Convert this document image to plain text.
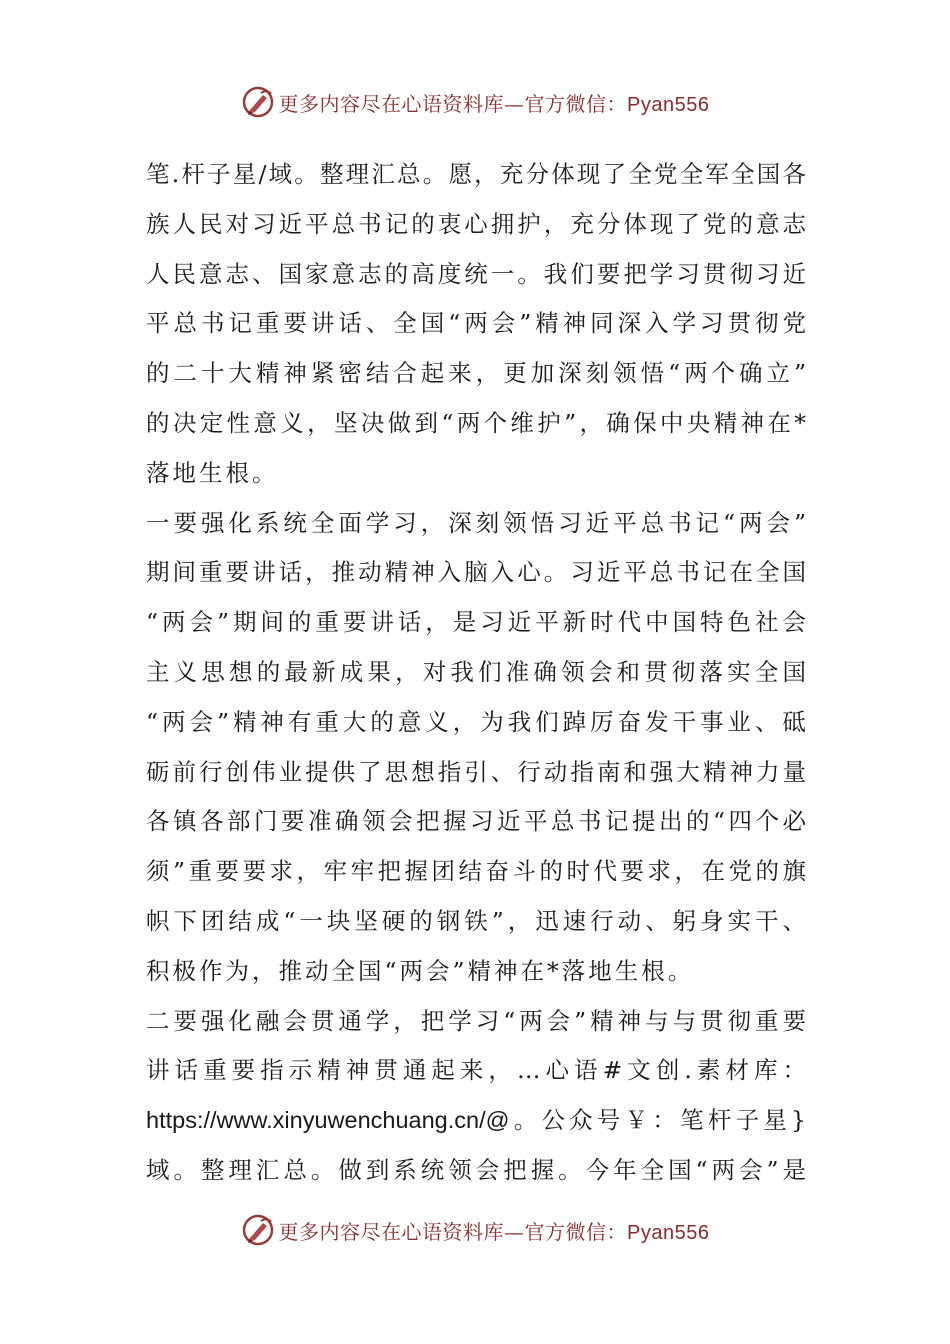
更多内容尽在心语资料库—官方微信：Pyan556
笔.杆子星/域。整理汇总。愿，充分体现了全党全军全国各
族人民对习近平总书记的衷心拥护，充分体现了党的意志
人民意志、国家意志的高度统一。我们要把学习贯彻习近
平总书记重要讲话、全国“两会”精神同深入学习贯彻党
的二十大精神紧密结合起来，更加深刻领悟“两个确立”
的决定性意义，坚决做到“两个维护”，确保中央精神在*
落地生根。
一要强化系统全面学习，深刻领悟习近平总书记“两会”
期间重要讲话，推动精神入脑入心。习近平总书记在全国
“两会”期间的重要讲话，是习近平新时代中国特色社会
主义思想的最新成果，对我们准确领会和贯彻落实全国
“两会”精神有重大的意义，为我们踔厉奋发干事业、砥
砺前行创伟业提供了思想指引、行动指南和强大精神力量
各镇各部门要准确领会把握习近平总书记提出的“四个必
须”重要要求，牢牢把握团结奋斗的时代要求，在党的旗
帜下团结成“一块坚硬的钢铁”，迅速行动、躬身实干、
积极作为，推动全国“两会”精神在*落地生根。
二要强化融会贯通学，把学习“两会”精神与与贯彻重要
讲话重要指示精神贯通起来，…心语#文创.素材库：
https://www.xinyuwenchuang.cn/@。公众号￥：笔杆子星}
域。整理汇总。做到系统领会把握。今年全国“两会”是
更多内容尽在心语资料库—官方微信：Pyan556
